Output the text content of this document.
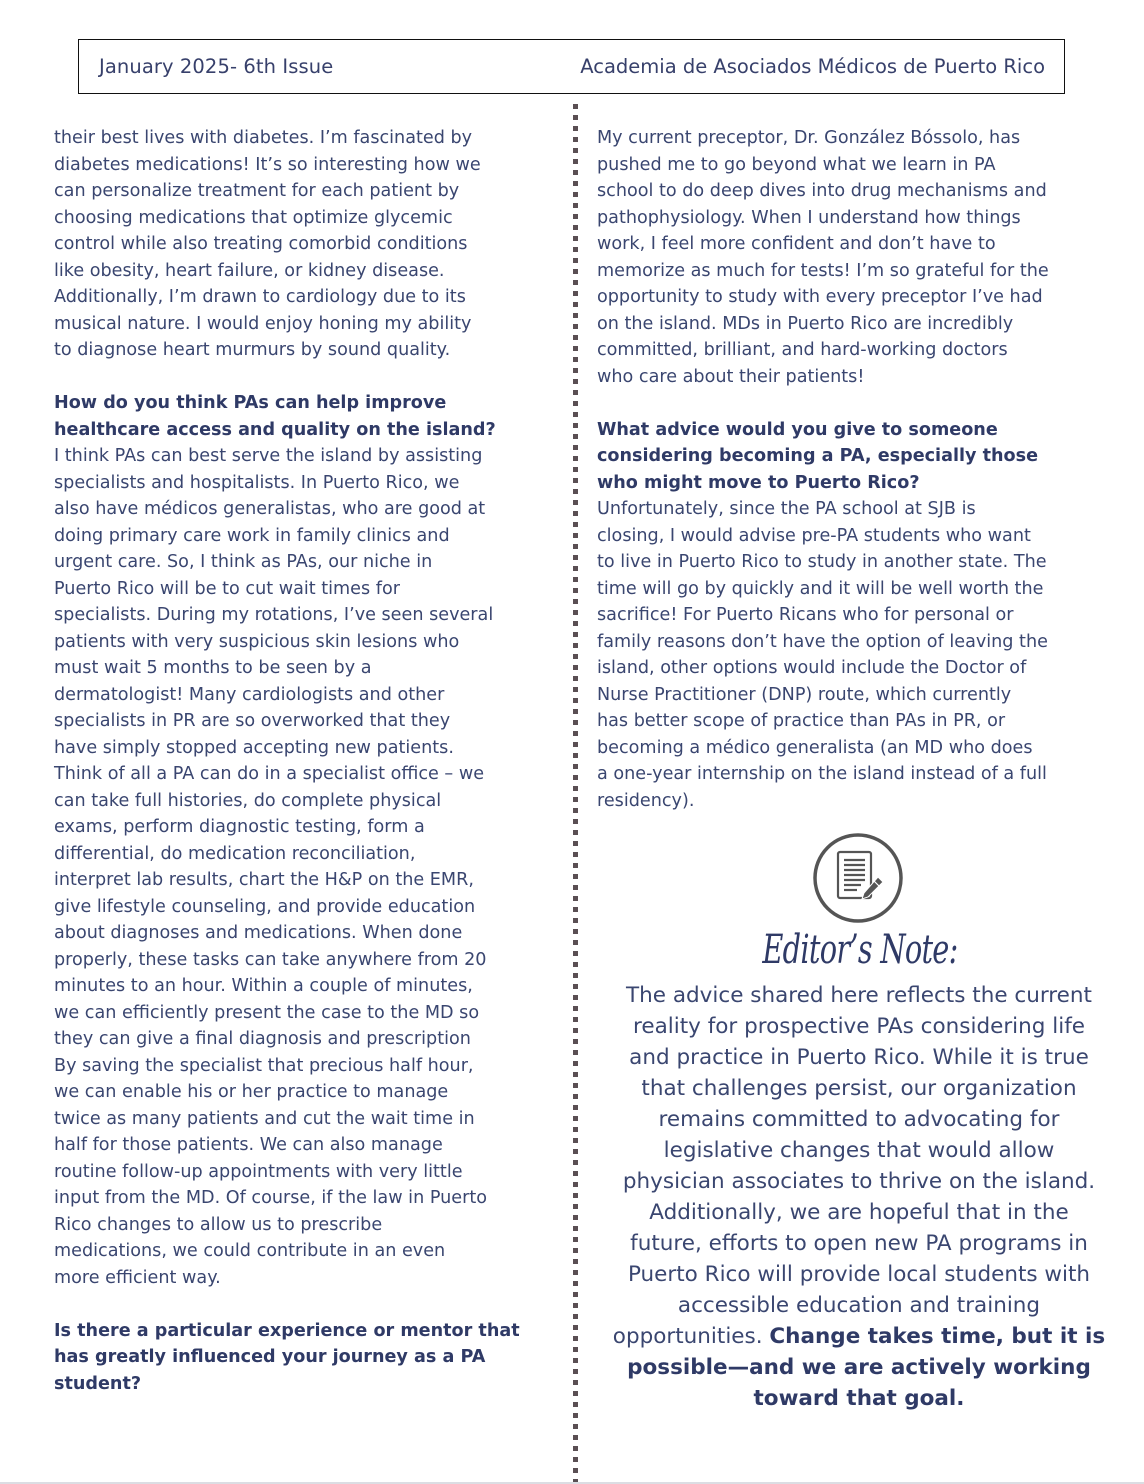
January 2025- 6th Issue	Academia de Asociados Médicos de Puerto Rico
their best lives with diabetes. I’m fascinated by
diabetes medications! It’s so interesting how we
can personalize treatment for each patient by
choosing medications that optimize glycemic
control while also treating comorbid conditions
like obesity, heart failure, or kidney disease.
Additionally, I’m drawn to cardiology due to its
musical nature. I would enjoy honing my ability
to diagnose heart murmurs by sound quality.
How do you think PAs can help improve
healthcare access and quality on the island?
I think PAs can best serve the island by assisting
specialists and hospitalists. In Puerto Rico, we
also have médicos generalistas, who are good at
doing primary care work in family clinics and
urgent care. So, I think as PAs, our niche in
Puerto Rico will be to cut wait times for
specialists. During my rotations, I’ve seen several
patients with very suspicious skin lesions who
must wait 5 months to be seen by a
dermatologist! Many cardiologists and other
specialists in PR are so overworked that they
have simply stopped accepting new patients.
Think of all a PA can do in a specialist office – we
can take full histories, do complete physical
exams, perform diagnostic testing, form a
differential, do medication reconciliation,
interpret lab results, chart the H&P on the EMR,
give lifestyle counseling, and provide education
about diagnoses and medications. When done
properly, these tasks can take anywhere from 20
minutes to an hour. Within a couple of minutes,
we can efficiently present the case to the MD so
they can give a final diagnosis and prescription
By saving the specialist that precious half hour,
we can enable his or her practice to manage
twice as many patients and cut the wait time in
half for those patients. We can also manage
routine follow-up appointments with very little
input from the MD. Of course, if the law in Puerto
Rico changes to allow us to prescribe
medications, we could contribute in an even
more efficient way.
Is there a particular experience or mentor that
has greatly influenced your journey as a PA
student?
My current preceptor, Dr. González Bóssolo, has
pushed me to go beyond what we learn in PA
school to do deep dives into drug mechanisms and
pathophysiology. When I understand how things
work, I feel more confident and don’t have to
memorize as much for tests! I’m so grateful for the
opportunity to study with every preceptor I’ve had
on the island. MDs in Puerto Rico are incredibly
committed, brilliant, and hard-working doctors
who care about their patients!
What advice would you give to someone
considering becoming a PA, especially those
who might move to Puerto Rico?
Unfortunately, since the PA school at SJB is
closing, I would advise pre-PA students who want
to live in Puerto Rico to study in another state. The
time will go by quickly and it will be well worth the
sacrifice! For Puerto Ricans who for personal or
family reasons don’t have the option of leaving the
island, other options would include the Doctor of
Nurse Practitioner (DNP) route, which currently
has better scope of practice than PAs in PR, or
becoming a médico generalista (an MD who does
a one-year internship on the island instead of a full
residency).
Editor’s Note:
The advice shared here reflects the current
reality for prospective PAs considering life
and practice in Puerto Rico. While it is true
that challenges persist, our organization
remains committed to advocating for
legislative changes that would allow
physician associates to thrive on the island.
Additionally, we are hopeful that in the
future, efforts to open new PA programs in
Puerto Rico will provide local students with
accessible education and training
opportunities. Change takes time, but it is
possible—and we are actively working
toward that goal.
